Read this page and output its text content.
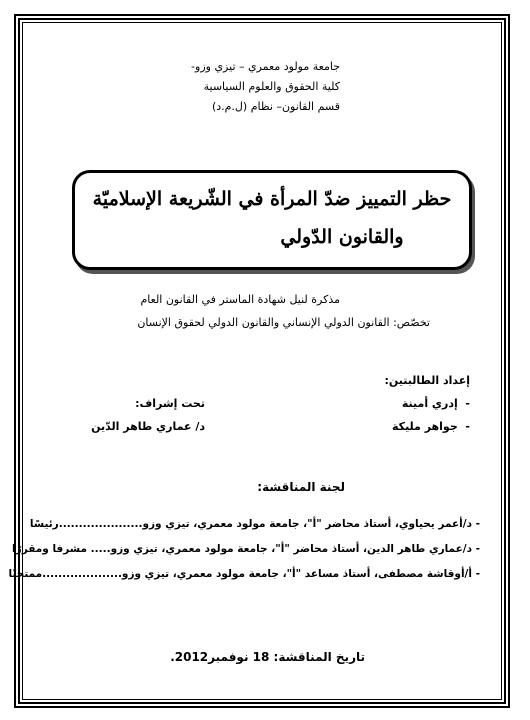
جامعة مولود معمري – تيزي وزو-
كلية الحقوق والعلوم السياسية
قسم القانون– نظام (ل.م.د)
حظر التمييز ضدّ المرأة في الشّريعة الإسلاميّة
والقانون الدّولي
مذكرة لنيل شهادة الماستر في القانون العام
تخصّص: القانون الدولي الإنساني والقانون الدولي لحقوق الإنسان
إعداد الطالبتين:
-  إدري أمينة
-  جواهر مليكة
تحت إشراف:
د/ عماري طاهر الدّين
لجنة المناقشة:
- د/أعمر يحياوي، أستاذ محاضر "أ"، جامعة مولود معمري، تيزي وزو.....................رئيسًا
- د/عماري طاهر الدين، أستاذ محاضر "أ"، جامعة مولود معمري، تيزي وزو..... مشرفا ومقررًا
- أ/أوقاشة مصطفى، أستاذ مساعد "أ"، جامعة مولود معمري، تيزي وزو....................ممتحنًا
تاريخ المناقشة: 18 نوفمبر2012.
